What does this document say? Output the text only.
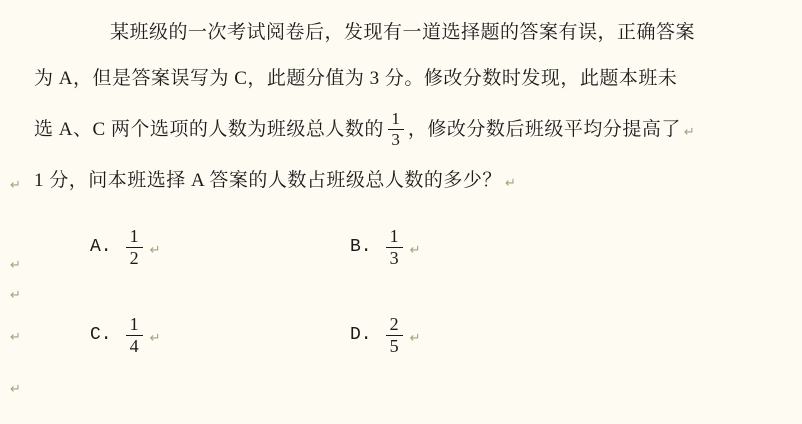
↵
↵
↵
↵
↵
某班级的一次考试阅卷后，发现有一道选择题的答案有误，正确答案
为 A，但是答案误写为 C，此题分值为 3 分。修改分数时发现，此题本班未
选 A、C 两个选项的人数为班级总人数的 $\frac{1}{3}$ ，修改分数后班级平均分提高了 ↵
1 分，问本班选择 A 答案的人数占班级总人数的多少？ ↵
A. $\frac{1}{2}$ ↵	B. $\frac{1}{3}$ ↵
C. $\frac{1}{4}$ ↵	D. $\frac{2}{5}$ ↵
